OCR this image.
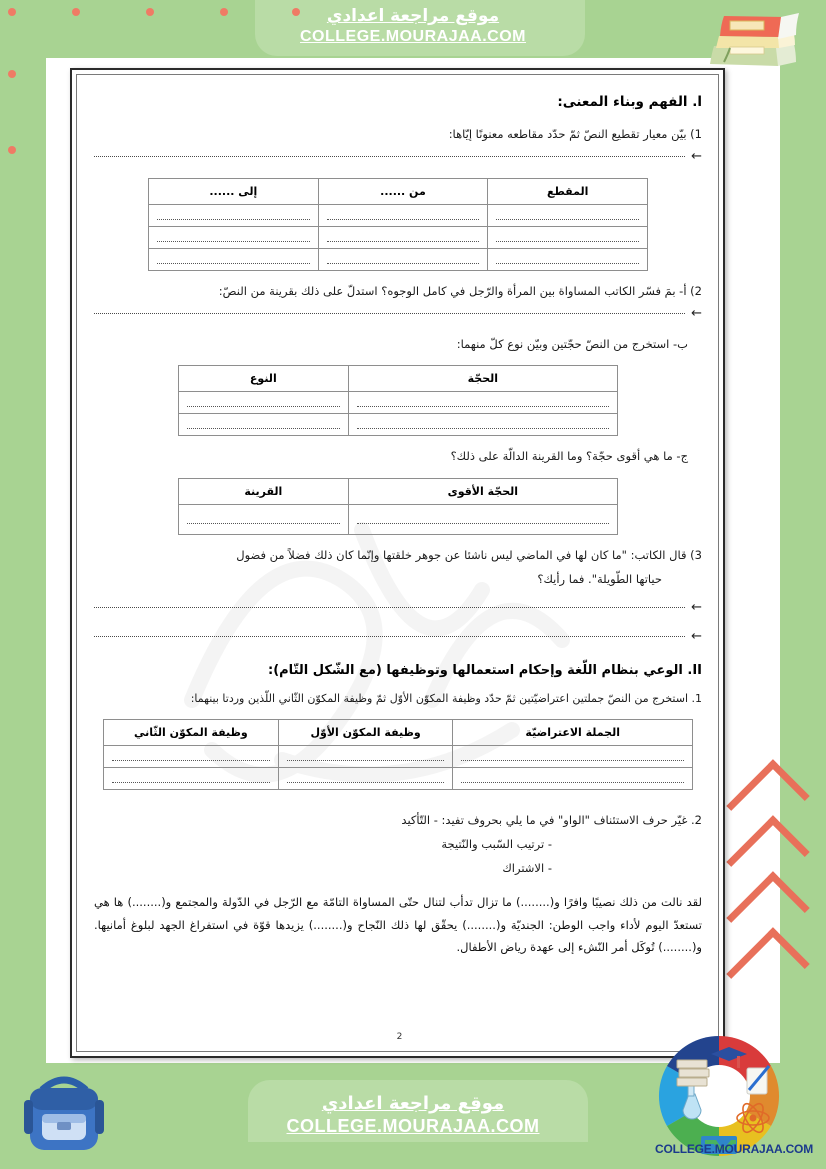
موقع مراجعة اعدادي
COLLEGE.MOURAJAA.COM
ا. الفهم وبناء المعنى:
1) بيّن معيار تقطيع النصّ ثمّ حدّد مقاطعه معنونًا إيّاها:
←
المقطع	من ......	إلى ......

2) أ- بمَ فسّر الكاتب المساواة بين المرأة والرّجل في كامل الوجوه؟ استدلّ على ذلك بقرينة من النصّ:
←
ب- استخرج من النصّ حجّتين وبيّن نوع كلّ منهما:
الحجّة	النوع

ج- ما هي أقوى حجّة؟ وما القرينة الدالّة على ذلك؟
الحجّة الأقوى	القرينة

3) قال الكاتب: "ما كان لها في الماضي ليس ناشئا عن جوهر خلقتها وإنّما كان ذلك فضلاً من فضول
حياتها الطّويلة". فما رأيك؟
←
←
II. الوعي بنظام اللّغة وإحكام استعمالها وتوظيفها (مع الشّكل التّام):
1. استخرج من النصّ جملتين اعتراضيّتين ثمّ حدّد وظيفة المكوّن الأوّل ثمّ وظيفة المكوّن الثّاني اللّذين وردتا بينهما:
الجملة الاعتراضيّة	وظيفة المكوّن الأوّل	وظيفة المكوّن الثّاني

2. غيّر حرف الاستئناف "الواو" في ما يلي بحروف تفيد: - التّأكيد
- ترتيب السّبب والنّتيجة
- الاشتراك
لقد نالت من ذلك نصيبًا وافرًا و(........) ما تزال تدأب لتنال حتّى المساواة التامّة مع الرّجل في الدّولة والمجتمع و(........) ها هي تستعدّ اليوم لأداء واجب الوطن: الجنديّة و(........) يحقّق لها ذلك النّجاح و(........) يزيدها قوّة في استفراغ الجهد لبلوغ أمانيها. و(........) تُوكَل أمر النّشء إلى عهدة رياض الأطفال.
2
موقع مراجعة اعدادي
COLLEGE.MOURAJAA.COM
COLLEGE.MOURAJAA.COM
